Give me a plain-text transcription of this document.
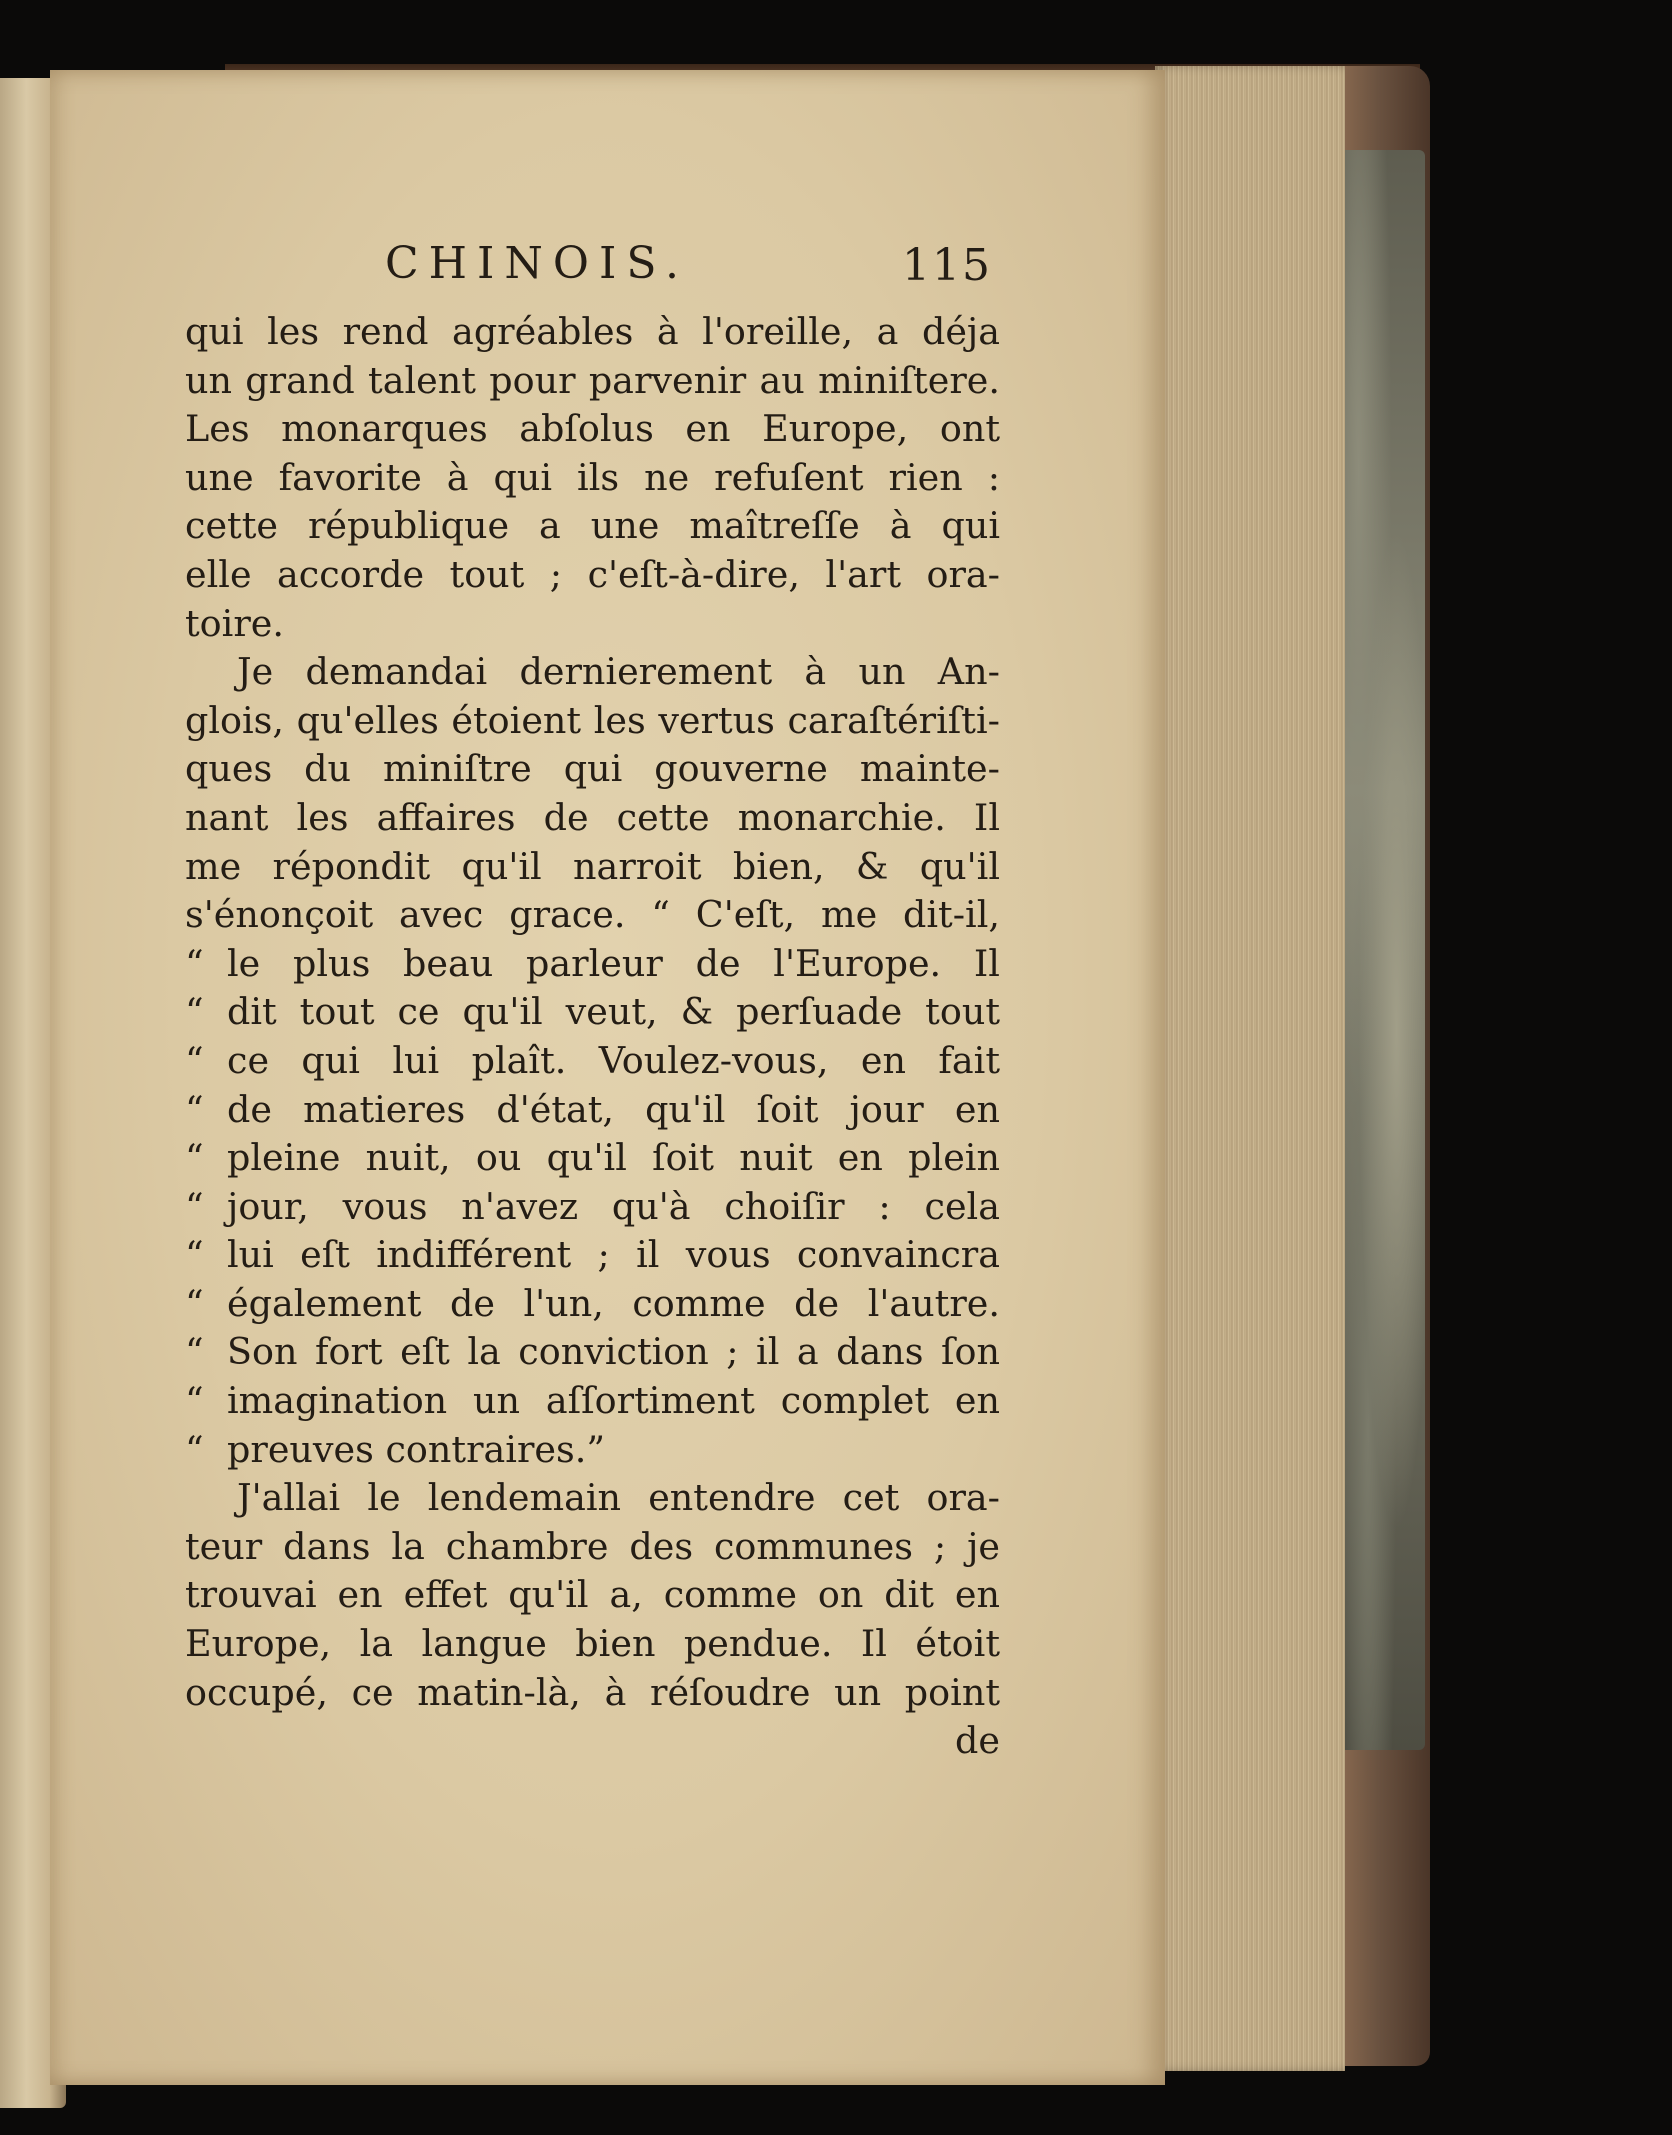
CHINOIS.	115
qui les rend agréables à l'oreille, a déja
un grand talent pour parvenir au miniſtere.
Les monarques abſolus en Europe, ont
une favorite à qui ils ne refuſent rien :
cette république a une maîtreſſe à qui
elle accorde tout ; c'eſt-à-dire, l'art ora-
toire.
Je demandai dernierement à un An-
glois, qu'elles étoient les vertus caraſtériſti-
ques du miniſtre qui gouverne mainte-
nant les affaires de cette monarchie. Il
me répondit qu'il narroit bien, & qu'il
s'énonçoit avec grace. “ C'eſt, me dit-il,
“ le plus beau parleur de l'Europe. Il
“ dit tout ce qu'il veut, & perſuade tout
“ ce qui lui plaît. Voulez-vous, en fait
“ de matieres d'état, qu'il ſoit jour en
“ pleine nuit, ou qu'il ſoit nuit en plein
“ jour, vous n'avez qu'à choiſir : cela
“ lui eſt indifférent ; il vous convaincra
“ également de l'un, comme de l'autre.
“ Son fort eſt la conviction ; il a dans ſon
“ imagination un aſſortiment complet en
“ preuves contraires.”
J'allai le lendemain entendre cet ora-
teur dans la chambre des communes ; je
trouvai en effet qu'il a, comme on dit en
Europe, la langue bien pendue. Il étoit
occupé, ce matin-là, à réſoudre un point
de
